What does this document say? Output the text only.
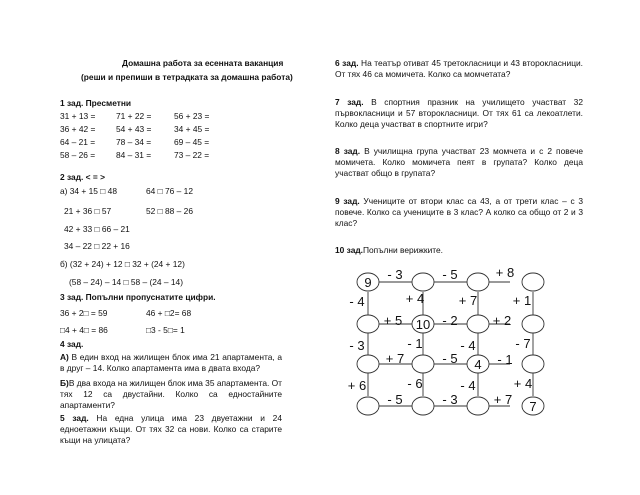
Домашна работа за есенната ваканция
(реши и препиши в тетрадката за домашна работа)
1 зад. Пресметни
31 + 13 = 71 + 22 =	56 + 23 =
36 + 42 = 54 + 43 =	34 + 45 =
64 – 21 = 78 – 34 =	69 – 45 =
58 – 26 = 84 – 31 =	73 – 22 =
2 зад. < = >
а) 34 + 15 □ 48	64 □ 76 – 12
21 + 36 □ 57	52 □ 88 – 26
42 + 33 □ 66 – 21
34 – 22 □ 22 + 16
б) (32 + 24) + 12 □ 32 + (24 + 12)
(58 – 24) – 14 □ 58 – (24 – 14)
3 зад. Попълни пропуснатите цифри.
36 + 2□ = 59	46 + □2= 68
□4 + 4□ = 86	□3 - 5□= 1
4 зад.
А) В един вход на жилищен блок има 21 апартамента, а в друг – 14. Колко апартамента има в двата входа?
Б)В два входа на жилищен блок има 35 апартамента. От тях 12 са двустайни. Колко са едностайните апартаменти?
5 зад. На една улица има 23 двуетажни и 24 едноетажни къщи. От тях 32 са нови. Колко са старите къщи на улицата?
6 зад. На театър отиват 45 третокласници и 43 второкласници. От тях 46 са момичета. Колко са момчетата?
7 зад. В спортния празник на училището участват 32 първокласници и 57 второкласници. От тях 61 са лекоатлети. Колко деца участват в спортните игри?
8 зад. В училищна група участват 23 момчета и с 2 повече момичета. Колко момичета пеят в групата? Колко деца участват общо в групата?
9 зад. Учениците от втори клас са 43, а от трети клас – с 3 повече. Колко са учениците в 3 клас? А колко са общо от 2 и 3 клас?
10 зад.Попълни верижките.
9
10
4
7
- 3	- 5	+ 8
- 4	+ 4	+ 7	+ 1
+ 5	- 2	+ 2
- 3	- 1	- 4	- 7
+ 7	- 5	- 1
+ 6	- 6	- 4	+ 4
- 5	- 3	+ 7
